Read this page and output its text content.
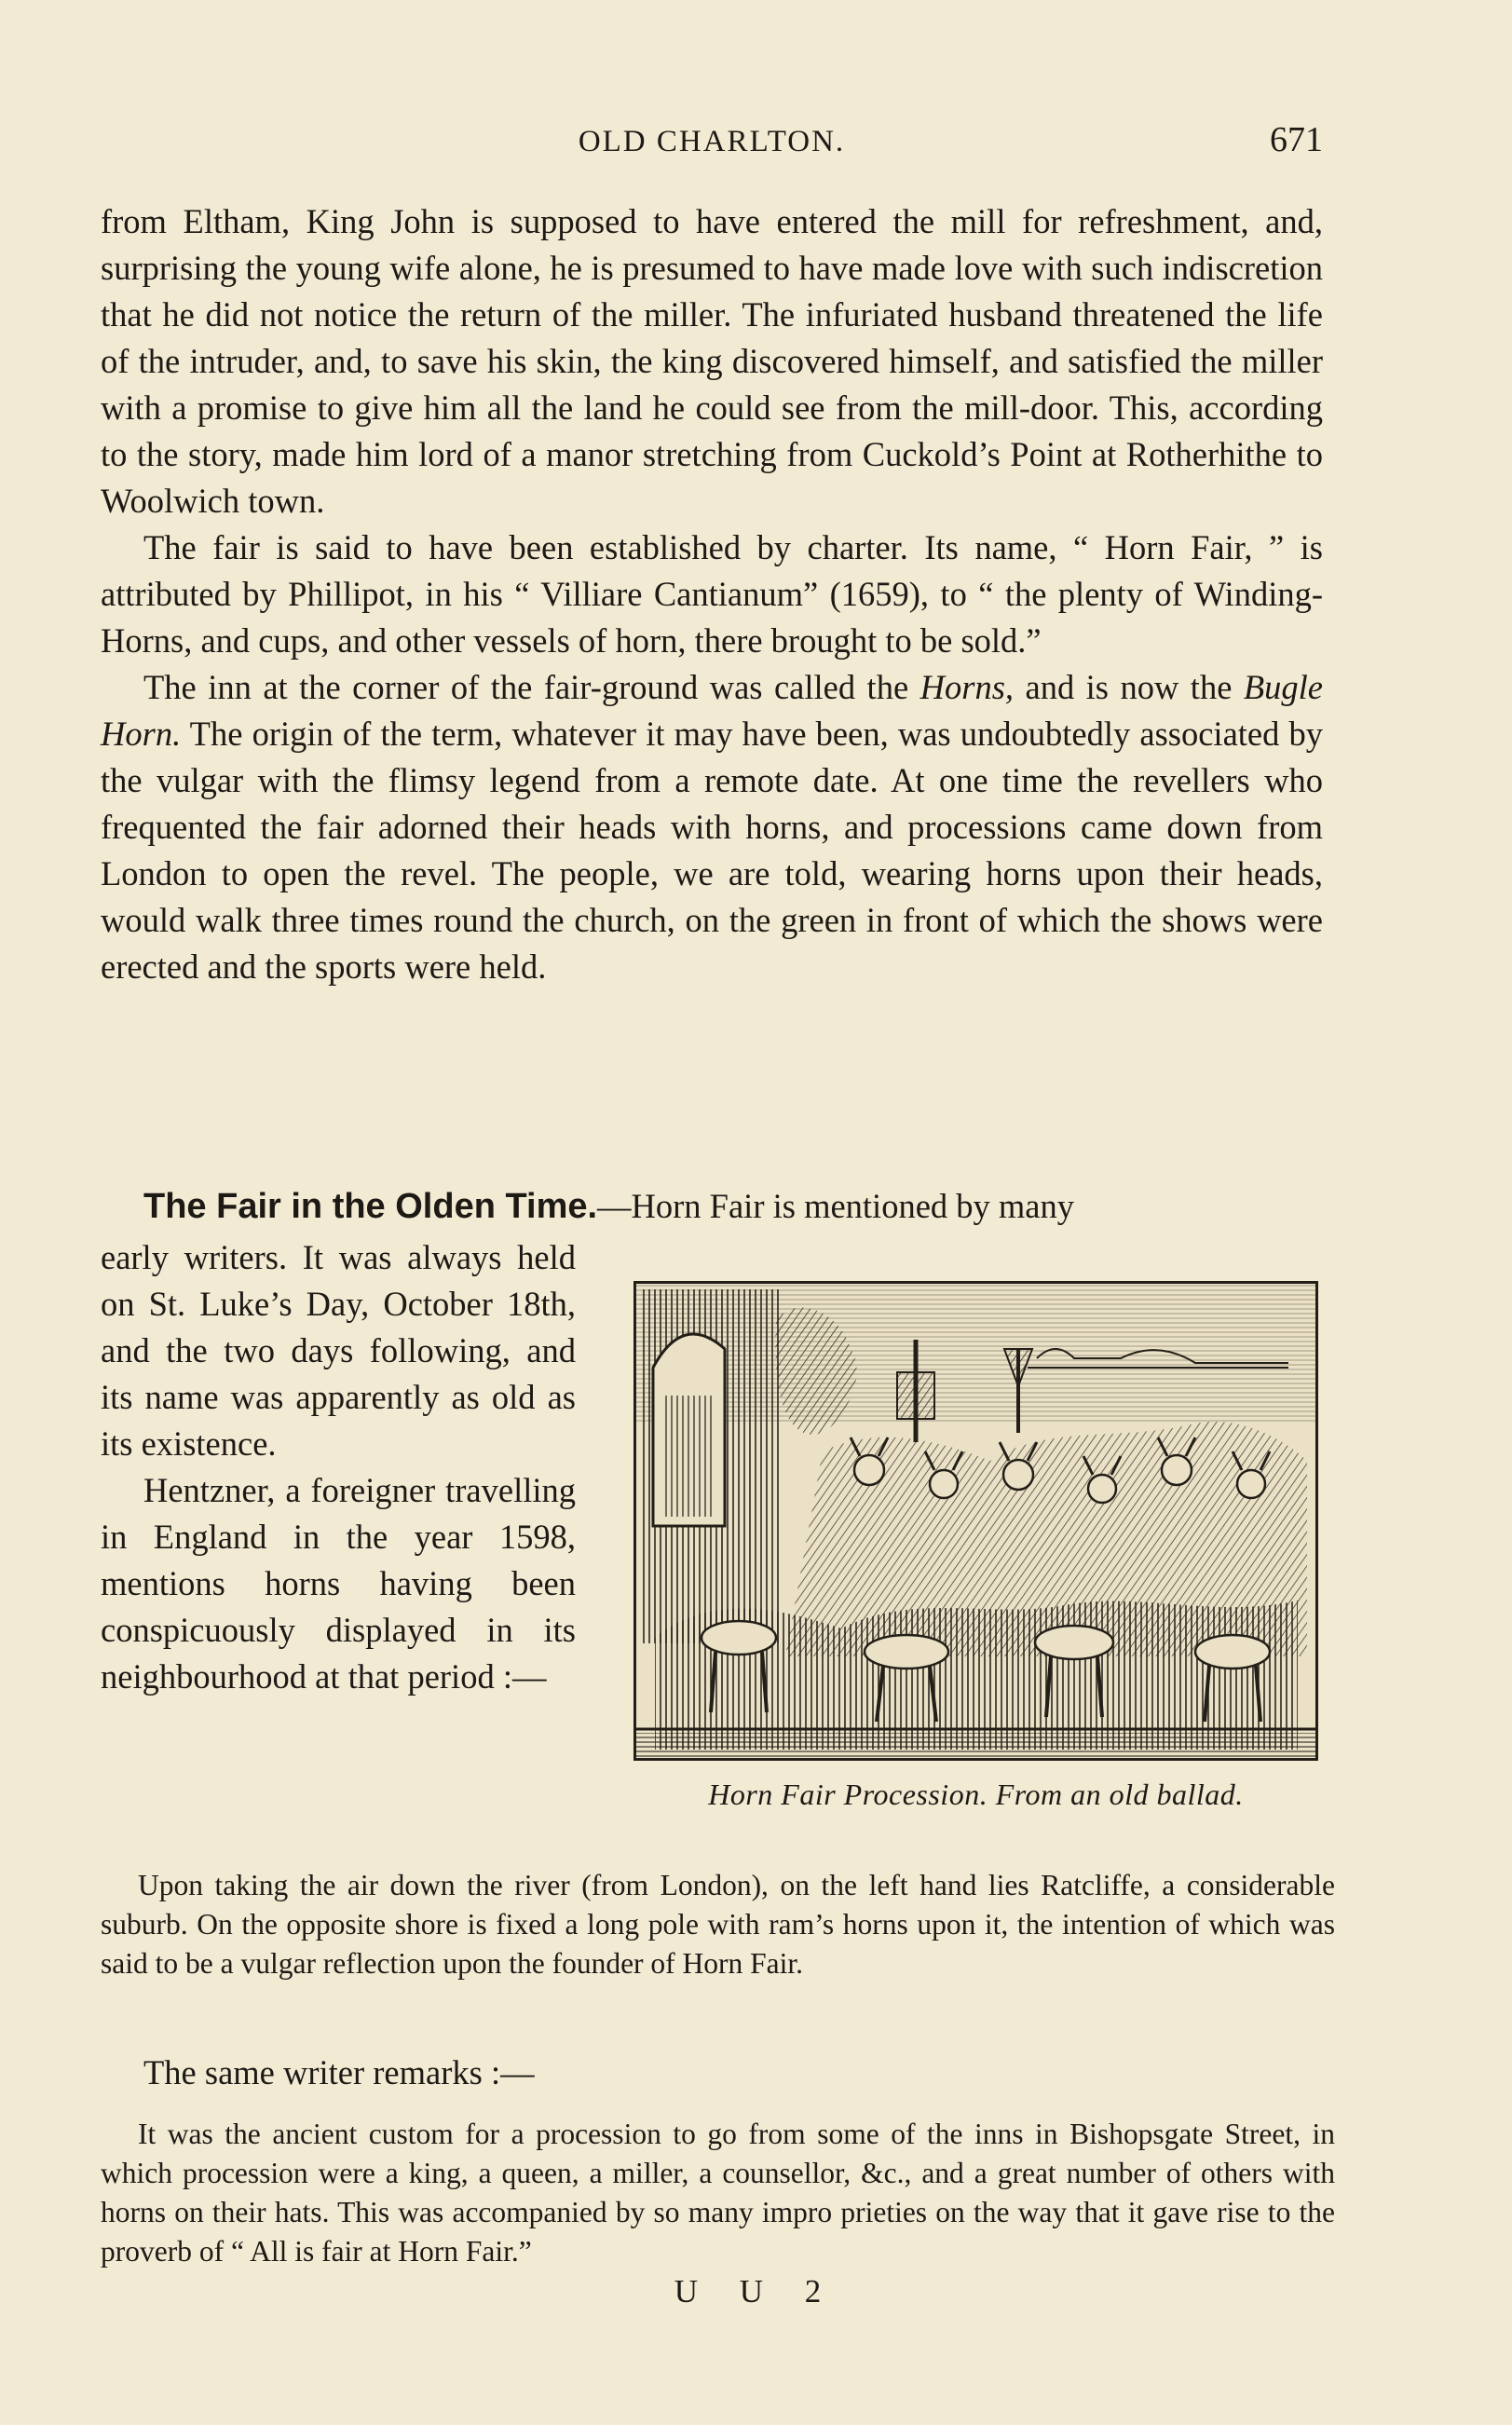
OLD CHARLTON.	671

from Eltham, King John is supposed to have entered the mill for refreshment, and, surprising the young wife alone, he is presumed to have made love with such indiscretion that he did not notice the return of the miller. The infuriated husband threatened the life of the intruder, and, to save his skin, the king discovered himself, and satisfied the miller with a promise to give him all the land he could see from the mill-door. This, according to the story, made him lord of a manor stretching from Cuckold’s Point at Rotherhithe to Woolwich town.

The fair is said to have been established by charter. Its name, “ Horn Fair, ” is attributed by Phillipot, in his “ Villiare Cantianum” (1659), to “ the plenty of Winding-Horns, and cups, and other vessels of horn, there brought to be sold.”

The inn at the corner of the fair-ground was called the Horns, and is now the Bugle Horn. The origin of the term, whatever it may have been, was undoubtedly associated by the vulgar with the flimsy legend from a remote date. At one time the revellers who frequented the fair adorned their heads with horns, and processions came down from London to open the revel. The people, we are told, wearing horns upon their heads, would walk three times round the church, on the green in front of which the shows were erected and the sports were held.

The Fair in the Olden Time.—Horn Fair is mentioned by many

early writers. It was always held on St. Luke’s Day, October 18th, and the two days following, and its name was apparently as old as its existence.

Hentzner, a foreigner travelling in England in the year 1598, mentions horns having been conspicuously displayed in its neighbourhood at that period :—

Horn Fair Procession. From an old ballad.

Upon taking the air down the river (from London), on the left hand lies Ratcliffe, a considerable suburb. On the opposite shore is fixed a long pole with ram’s horns upon it, the intention of which was said to be a vulgar reflection upon the founder of Horn Fair.

The same writer remarks :—

It was the ancient custom for a procession to go from some of the inns in Bishopsgate Street, in which procession were a king, a queen, a miller, a counsellor, &c., and a great number of others with horns on their hats. This was accompanied by so many impro prieties on the way that it gave rise to the proverb of “ All is fair at Horn Fair.”

U U 2
